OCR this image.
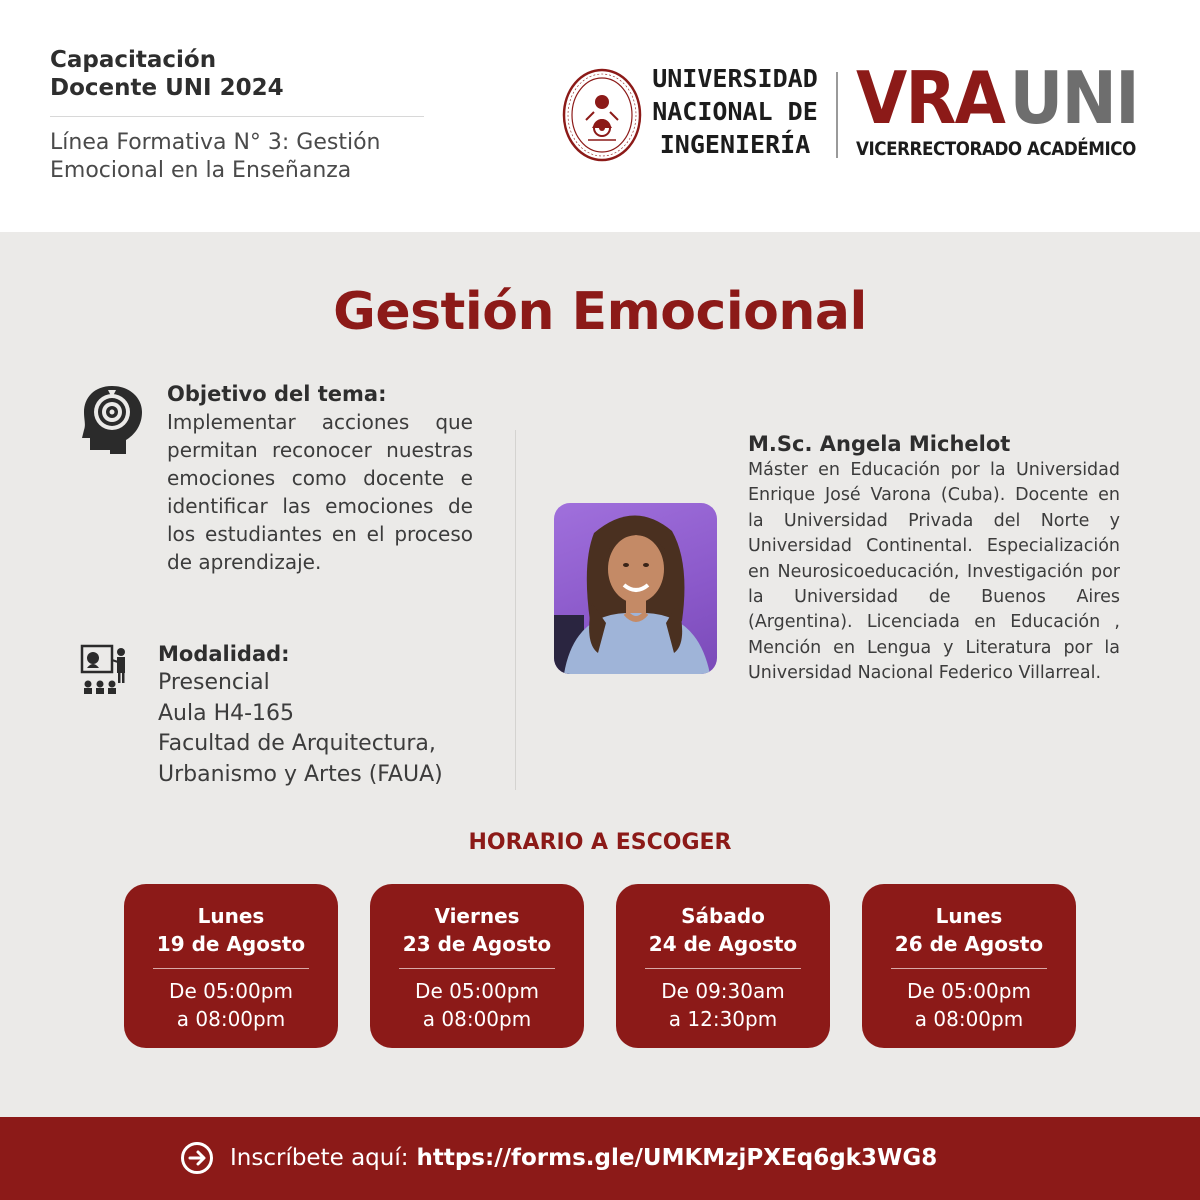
Capacitación
Docente UNI 2024
Línea Formativa N° 3: Gestión
Emocional en la Enseñanza
UNIVERSIDAD
NACIONAL DE
INGENIERÍA
VRAUNI
VICERRECTORADO ACADÉMICO
Gestión Emocional
Objetivo del tema:
Implementar acciones que permitan reconocer nuestras emociones como docente e identificar las emociones de los estudiantes en el proceso de aprendizaje.
Modalidad:
Presencial
Aula H4-165
Facultad de Arquitectura,
Urbanismo y Artes (FAUA)
M.Sc. Angela Michelot
Máster en Educación por la Universidad Enrique José Varona (Cuba). Docente en la Universidad Privada del Norte y Universidad Continental. Especialización en Neurosicoeducación, Investigación por la Universidad de Buenos Aires (Argentina). Licenciada en Educación , Mención en Lengua y Literatura por la Universidad Nacional Federico Villarreal.
HORARIO A ESCOGER
Lunes
19 de Agosto
De 05:00pm
a 08:00pm
Viernes
23 de Agosto
De 05:00pm
a 08:00pm
Sábado
24 de Agosto
De 09:30am
a 12:30pm
Lunes
26 de Agosto
De 05:00pm
a 08:00pm
Inscríbete aquí: https://forms.gle/UMKMzjPXEq6gk3WG8
